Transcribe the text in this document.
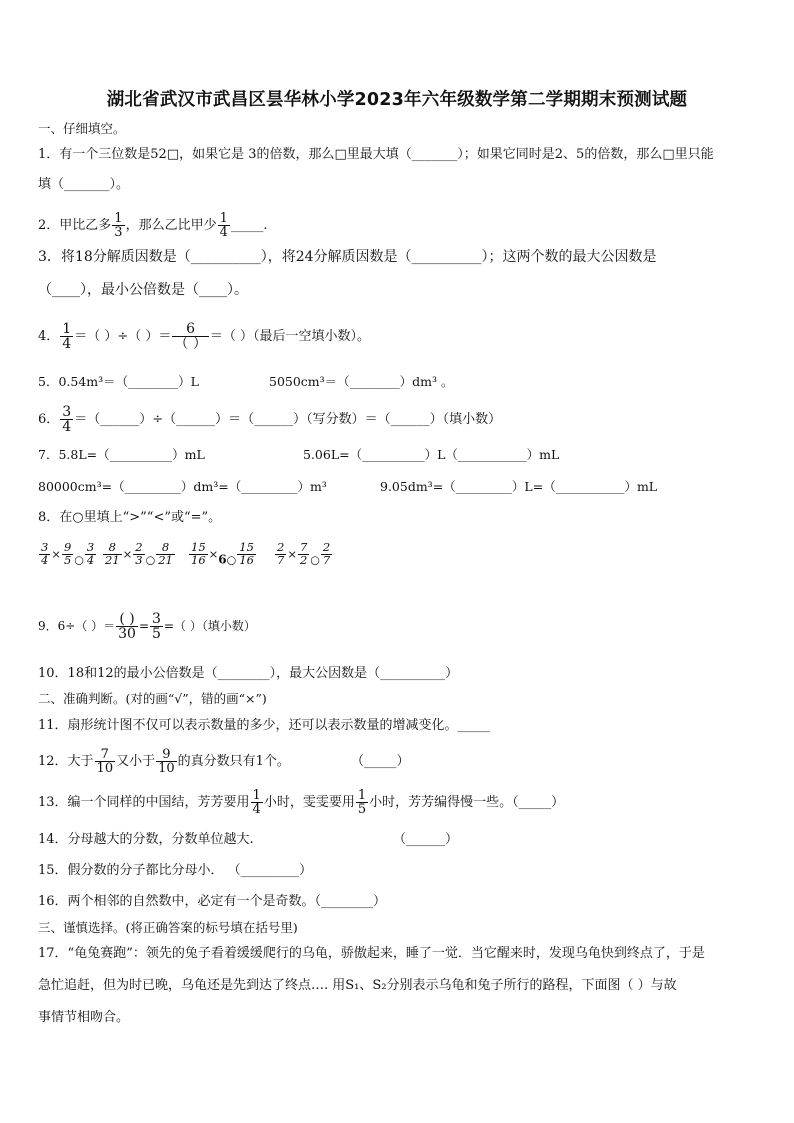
湖北省武汉市武昌区昙华林小学2023年六年级数学第二学期期末预测试题
一、仔细填空。
1．有一个三位数是52□，如果它是 3的倍数，那么□里最大填（_______）；如果它同时是2、5的倍数，那么□里只能
填（_______）。
2．甲比乙多 $\frac{1}{3}$ ，那么乙比甲少 $\frac{1}{4}$ _____.
3．将18分解质因数是（__________），将24分解质因数是（__________）；这两个数的最大公因数是
（____），最小公倍数是（____）。
4． $\frac{1}{4}$ ＝（ ）÷（ ）＝ $\frac{6}{( )}$ ＝（ ）（最后一空填小数）。
5．0.54m³＝（________）L	5050cm³＝（________）dm³ 。
6． $\frac{3}{4}$ ＝（______）÷（______）＝（______）（写分数）＝（______）（填小数）
7．5.8L=（__________）mL	5.06L=（__________）L（___________）mL
80000cm³=（_________）dm³=（_________）m³	9.05dm³=（_________）L=（___________）mL
8．在○里填上“>”“<”或“=”。
$\frac{3}{4} \times \frac{9}{5}$ ○ $\frac{3}{4} \frac{8}{21} \times \frac{2}{3}$ ○ $\frac{8}{21} \frac{15}{16}$ ×6○ $\frac{15}{16} \frac{2}{7} \times \frac{7}{2}$ ○ $\frac{2}{7}$
9．6÷（ ）＝ $\frac{( )}{30} = \frac{3}{5}$ =（ ）（填小数）
10．18和12的最小公倍数是（________），最大公因数是（__________）
二、准确判断。(对的画“√”，错的画“×”)
11．扇形统计图不仅可以表示数量的多少，还可以表示数量的增减变化。_____
12．大于 $\frac{7}{10}$ 又小于 $\frac{9}{10}$ 的真分数只有1个。	（_____）
13．编一个同样的中国结，芳芳要用 $\frac{1}{4}$ 小时，雯雯要用 $\frac{1}{5}$ 小时，芳芳编得慢一些。（_____）
14．分母越大的分数，分数单位越大.	（______）
15．假分数的分子都比分母小． （_________）
16．两个相邻的自然数中，必定有一个是奇数。（________）
三、谨慎选择。(将正确答案的标号填在括号里)
17．“龟兔赛跑”：领先的兔子看着缓缓爬行的乌龟，骄傲起来，睡了一觉．当它醒来时，发现乌龟快到终点了，于是
急忙追赶，但为时已晚，乌龟还是先到达了终点…. 用S₁、S₂分别表示乌龟和兔子所行的路程，下面图（ ）与故
事情节相吻合。
